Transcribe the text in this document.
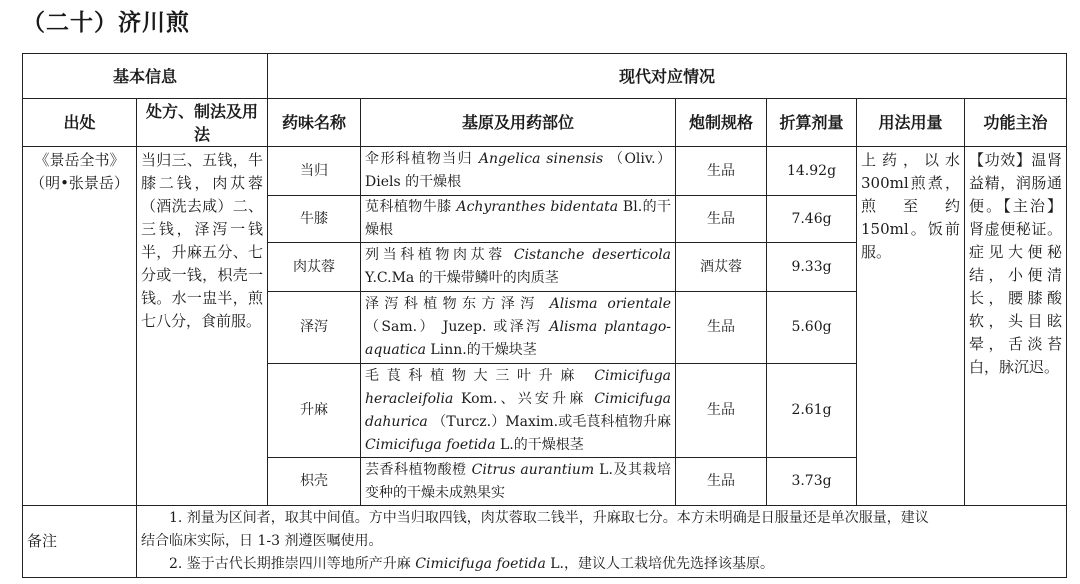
（二十）济川煎
基本信息		现代对应情况					
出处	处方、制法及用法	药味名称	基原及用药部位	炮制规格	折算剂量	用法用量	功能主治
《景岳全书》（明•张景岳）	当归三、五钱，牛膝二钱，肉苁蓉（酒洗去咸）二、三钱，泽泻一钱半，升麻五分、七分或一钱，枳壳一钱。水一盅半，煎七八分，食前服。	当归	伞形科植物当归 Angelica sinensis （Oliv.）Diels 的干燥根	生品	14.92g	上药，以水300ml煎煮，煎至约150ml。饭前服。	【功效】温肾益精，润肠通便。【主治】肾虚便秘证。症见大便秘结，小便清长，腰膝酸软，头目眩晕，舌淡苔白，脉沉迟。
		牛膝	苋科植物牛膝 Achyranthes bidentata Bl.的干燥根	生品	7.46g		
		肉苁蓉	列当科植物肉苁蓉 Cistanche deserticola Y.C.Ma 的干燥带鳞叶的肉质茎	酒苁蓉	9.33g		
		泽泻	泽泻科植物东方泽泻 Alisma orientale （Sam.） Juzep. 或泽泻 Alisma plantago-aquatica Linn.的干燥块茎	生品	5.60g		
		升麻	毛茛科植物大三叶升麻 Cimicifuga heracleifolia Kom.、兴安升麻 Cimicifuga dahurica （Turcz.）Maxim.或毛茛科植物升麻 Cimicifuga foetida L.的干燥根茎	生品	2.61g		
		枳壳	芸香科植物酸橙 Citrus aurantium L.及其栽培变种的干燥未成熟果实	生品	3.73g		
备注	1. 剂量为区间者，取其中间值。方中当归取四钱，肉苁蓉取二钱半，升麻取七分。本方未明确是日服量还是单次服量，建议
结合临床实际，日 1-3 剂遵医嘱使用。
2. 鉴于古代长期推崇四川等地所产升麻 Cimicifuga foetida L.，建议人工栽培优先选择该基原。						
